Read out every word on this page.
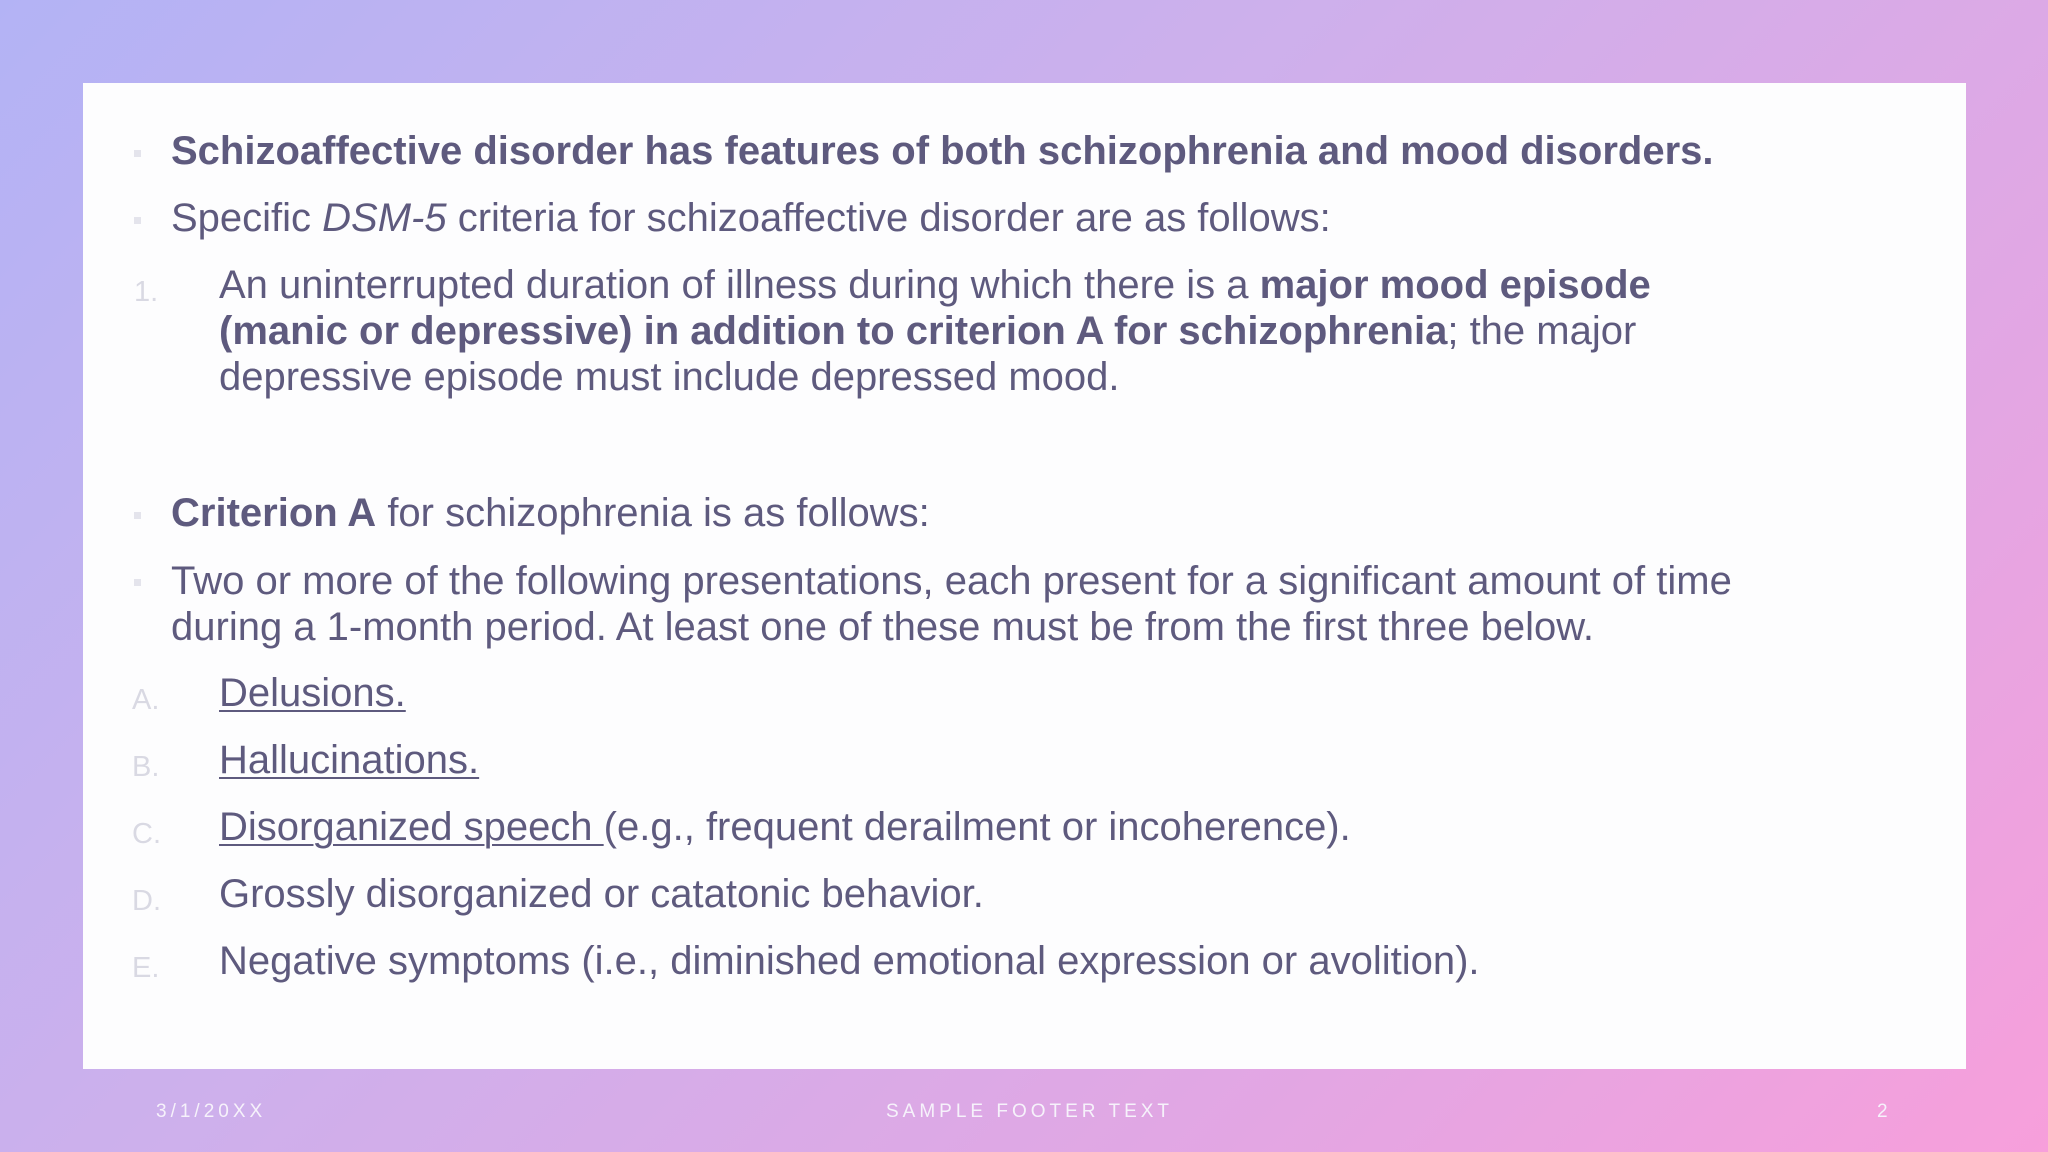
Schizoaffective disorder has features of both schizophrenia and mood disorders.
Specific DSM-5 criteria for schizoaffective disorder are as follows:
1. An uninterrupted duration of illness during which there is a major mood episode (manic or depressive) in addition to criterion A for schizophrenia; the major depressive episode must include depressed mood.
Criterion A for schizophrenia is as follows:
Two or more of the following presentations, each present for a significant amount of time during a 1-month period. At least one of these must be from the first three below.
A. Delusions.
B. Hallucinations.
C. Disorganized speech (e.g., frequent derailment or incoherence).
D. Grossly disorganized or catatonic behavior.
E. Negative symptoms (i.e., diminished emotional expression or avolition).
3/1/20XX	SAMPLE FOOTER TEXT	2
